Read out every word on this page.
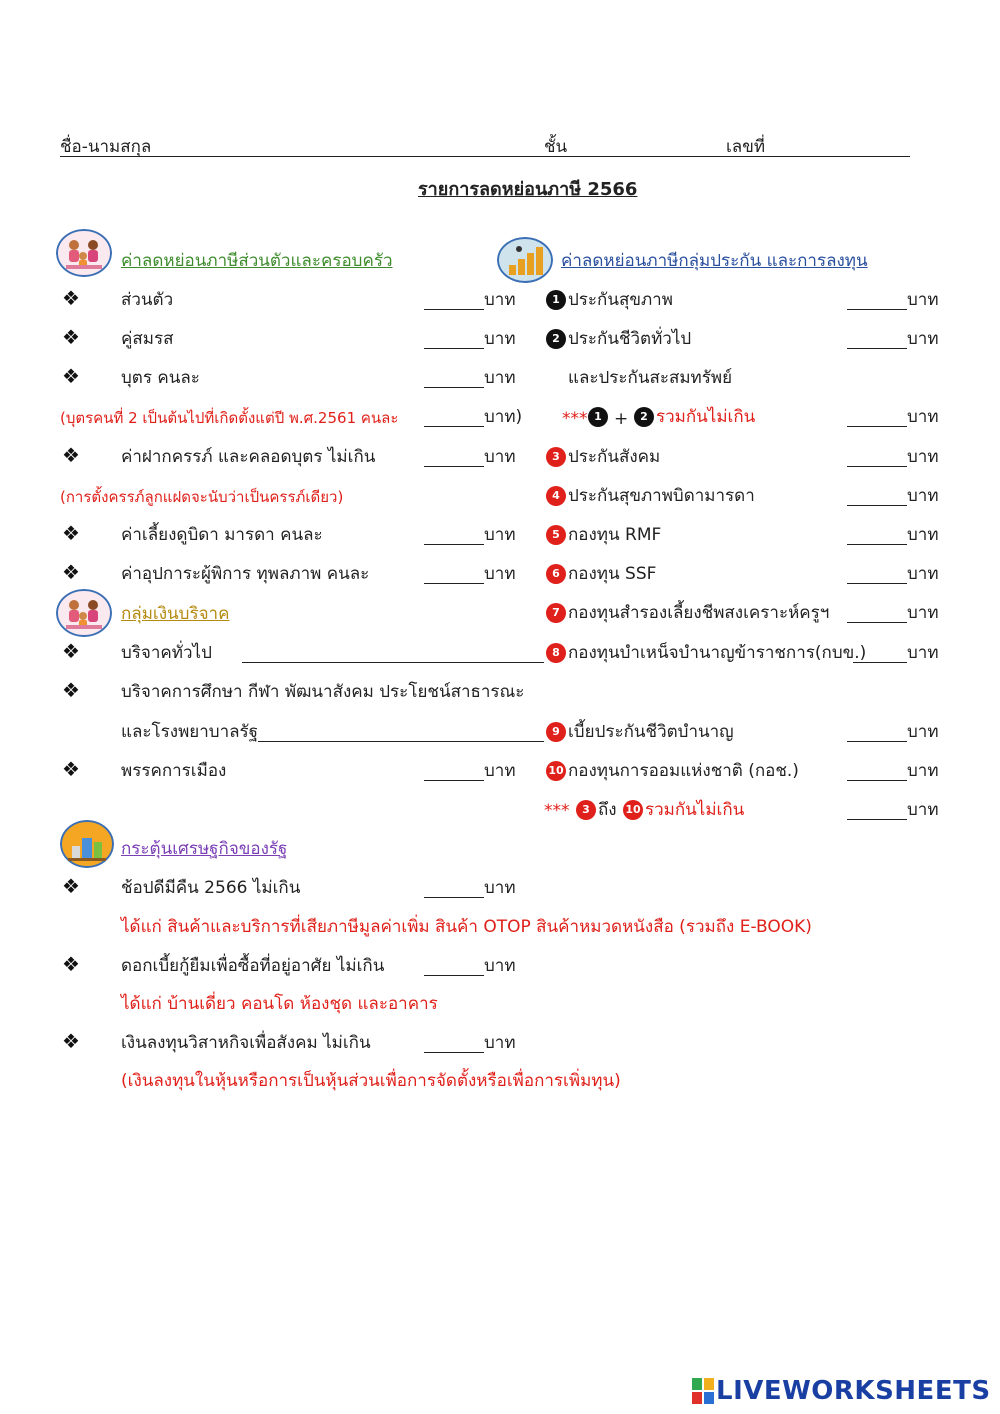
ชื่อ-นามสกุล	ชั้น	เลขที่
รายการลดหย่อนภาษี 2566
ค่าลดหย่อนภาษีส่วนตัวและครอบครัว
❖ ส่วนตัว	บาท
❖ คู่สมรส	บาท
❖ บุตร คนละ	บาท
(บุตรคนที่ 2 เป็นต้นไปที่เกิดตั้งแต่ปี พ.ศ.2561 คนละ	บาท)
❖ ค่าฝากครรภ์ และคลอดบุตร ไม่เกิน	บาท
(การตั้งครรภ์ลูกแฝดจะนับว่าเป็นครรภ์เดียว)
❖ ค่าเลี้ยงดูบิดา มารดา คนละ	บาท
❖ ค่าอุปการะผู้พิการ ทุพลภาพ คนละ	บาท
กลุ่มเงินบริจาค
❖ บริจาคทั่วไป
❖ บริจาคการศึกษา กีฬา พัฒนาสังคม ประโยชน์สาธารณะ
และโรงพยาบาลรัฐ
❖ พรรคการเมือง	บาท
กระตุ้นเศรษฐกิจของรัฐ
❖ ช้อปดีมีคืน 2566 ไม่เกิน	บาท
ได้แก่ สินค้าและบริการที่เสียภาษีมูลค่าเพิ่ม สินค้า OTOP สินค้าหมวดหนังสือ (รวมถึง E-BOOK)
❖ ดอกเบี้ยกู้ยืมเพื่อซื้อที่อยู่อาศัย ไม่เกิน	บาท
ได้แก่ บ้านเดี่ยว คอนโด ห้องชุด และอาคาร
❖ เงินลงทุนวิสาหกิจเพื่อสังคม ไม่เกิน	บาท
(เงินลงทุนในหุ้นหรือการเป็นหุ้นส่วนเพื่อการจัดตั้งหรือเพื่อการเพิ่มทุน)
ค่าลดหย่อนภาษีกลุ่มประกัน และการลงทุน
1 ประกันสุขภาพ	บาท
2 ประกันชีวิตทั่วไป	บาท
และประกันสะสมทรัพย์
*** 1 +	2 รวมกันไม่เกิน	บาท
3 ประกันสังคม	บาท
4 ประกันสุขภาพบิดามารดา	บาท
5 กองทุน RMF	บาท
6 กองทุน SSF	บาท
7 กองทุนสำรองเลี้ยงชีพสงเคราะห์ครูฯ	บาท
8 กองทุนบำเหน็จบำนาญข้าราชการ(กบข.) บาท
9 เบี้ยประกันชีวิตบำนาญ	บาท
10 กองทุนการออมแห่งชาติ (กอช.)	บาท
***	3 ถึง 10 รวมกันไม่เกิน	บาท
LIVEWORKSHEETS
